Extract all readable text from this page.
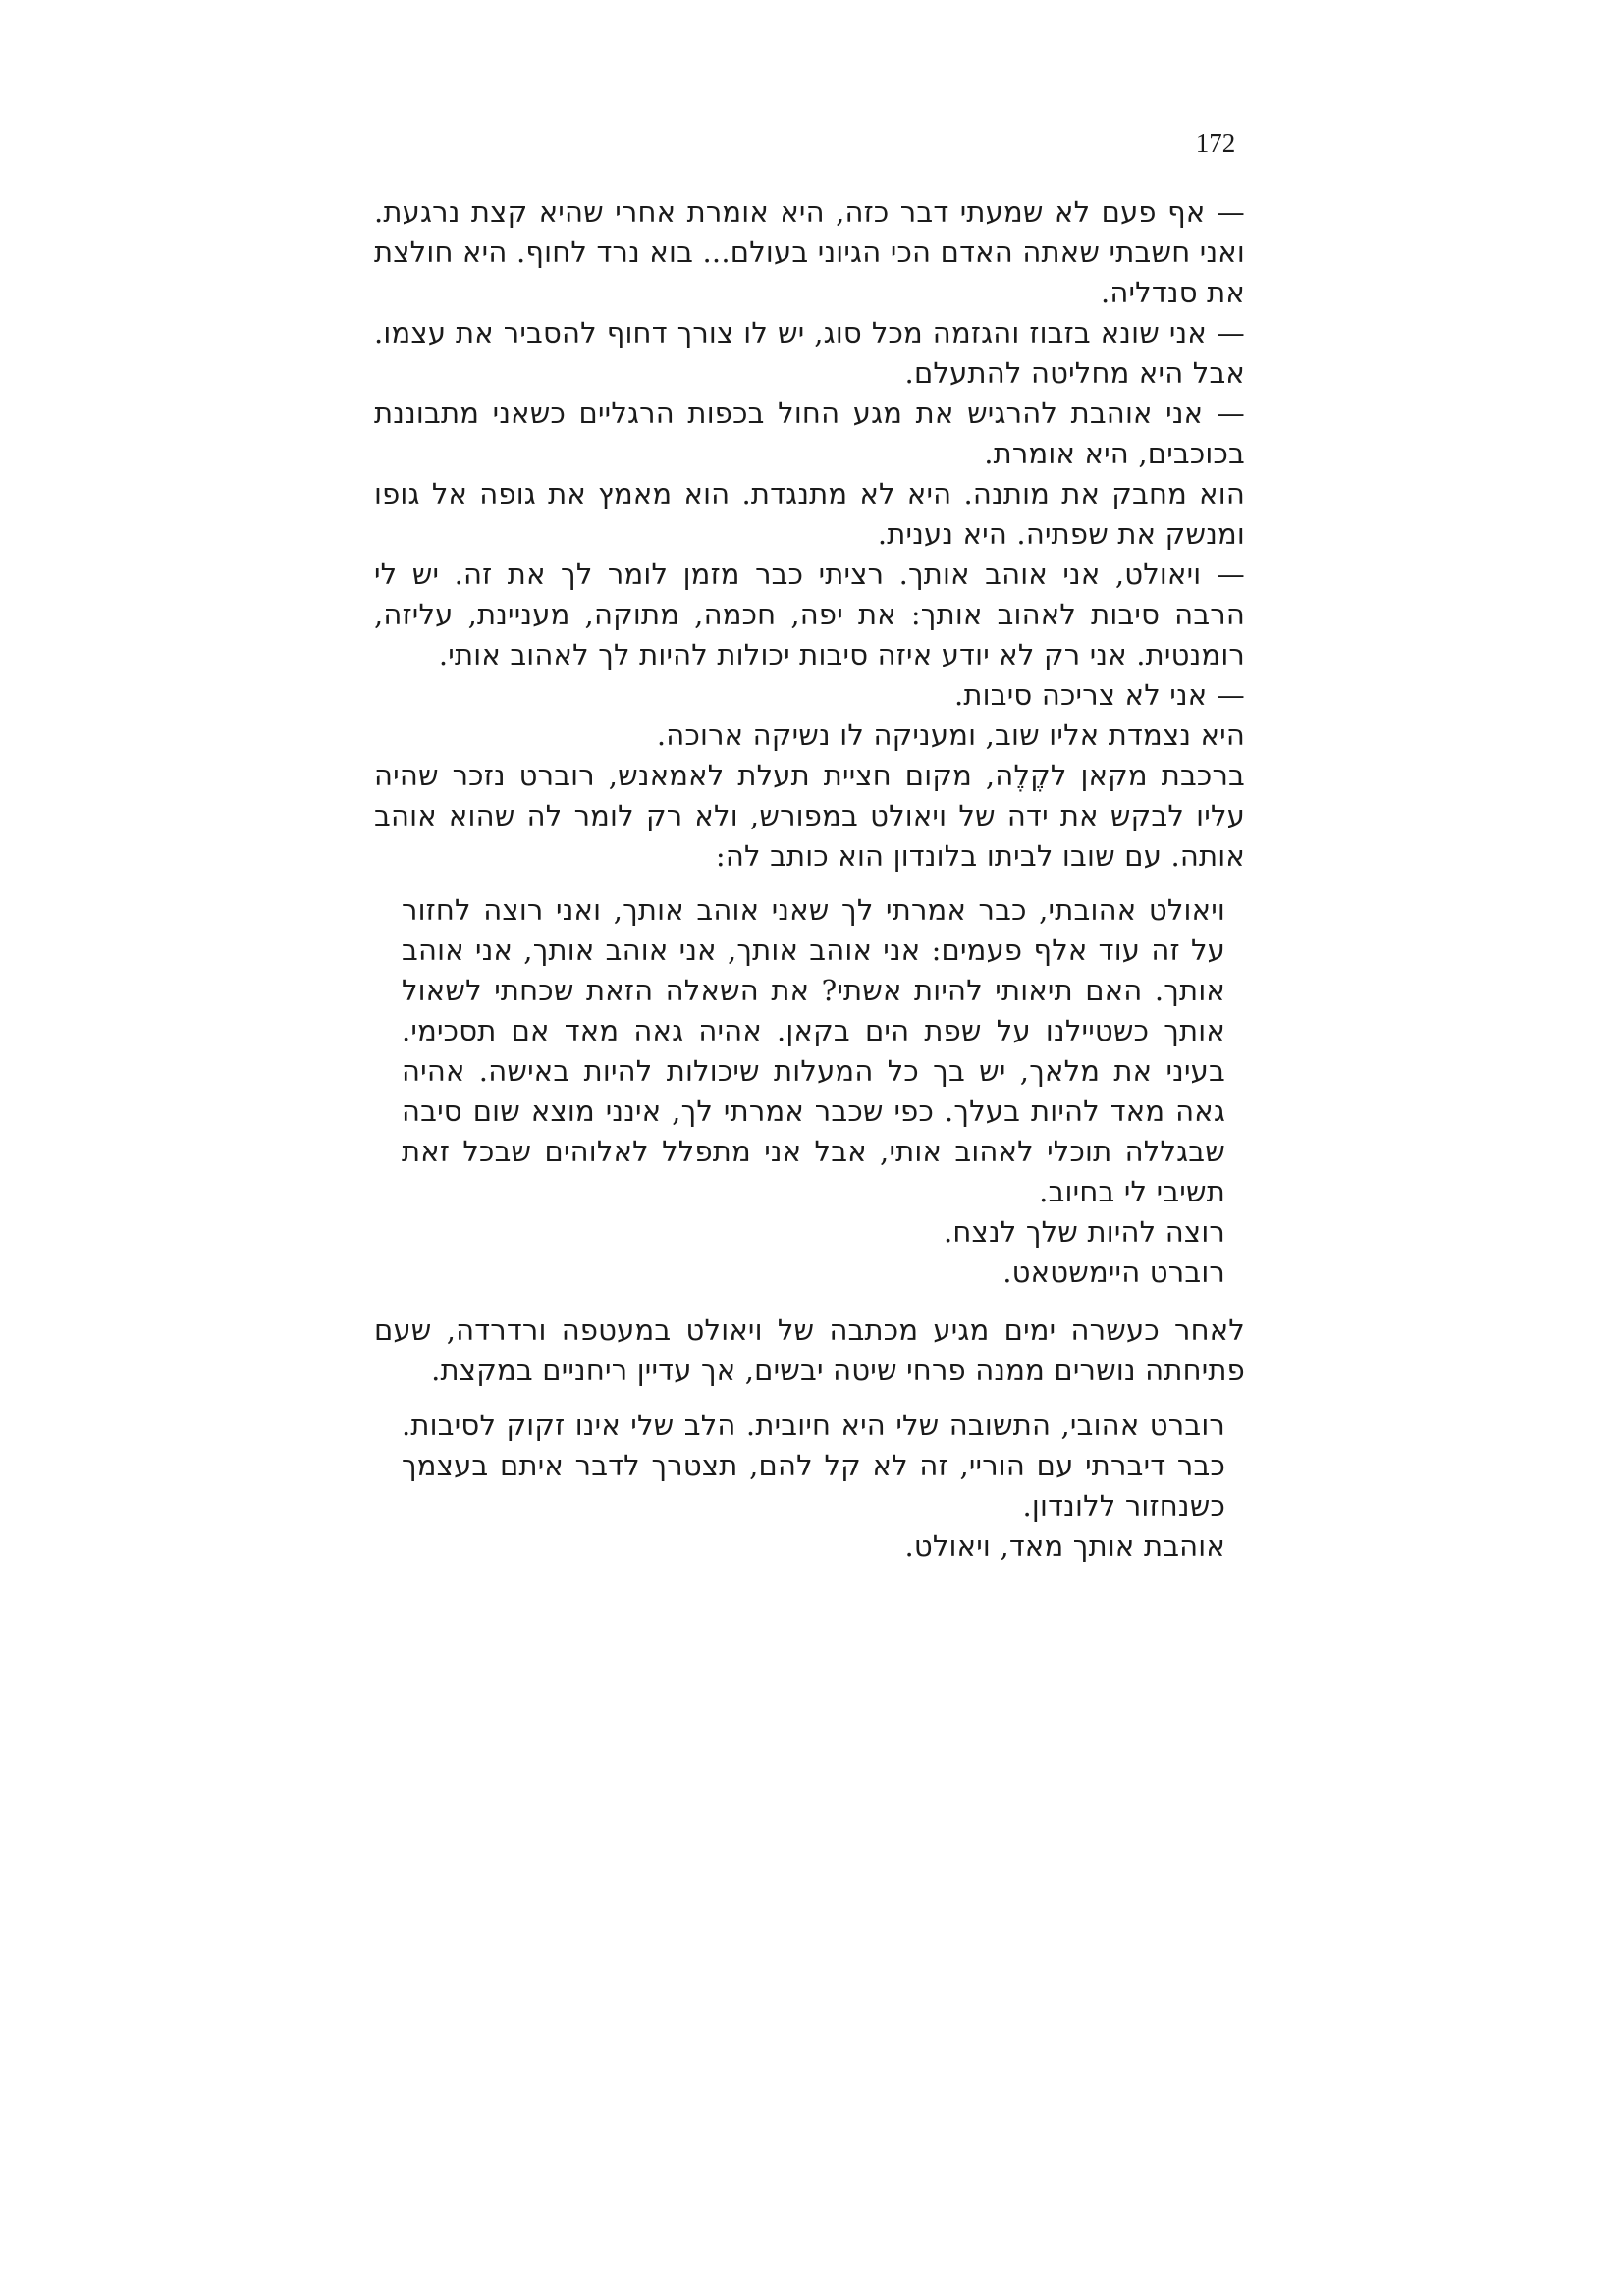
172

— אף פעם לא שמעתי דבר כזה, היא אומרת אחרי שהיא קצת נרגעת. ואני חשבתי שאתה האדם הכי הגיוני בעולם... בוא נרד לחוף. היא חולצת את סנדליה.

— אני שונא בזבוז והגזמה מכל סוג, יש לו צורך דחוף להסביר את עצמו. אבל היא מחליטה להתעלם.

— אני אוהבת להרגיש את מגע החול בכפות הרגליים כשאני מתבוננת בכוכבים, היא אומרת.

הוא מחבק את מותנה. היא לא מתנגדת. הוא מאמץ את גופה אל גופו ומנשק את שפתיה. היא נענית.

— ויאולט, אני אוהב אותך. רציתי כבר מזמן לומר לך את זה. יש לי הרבה סיבות לאהוב אותך: את יפה, חכמה, מתוקה, מעניינת, עליזה, רומנטית. אני רק לא יודע איזה סיבות יכולות להיות לך לאהוב אותי.

— אני לא צריכה סיבות.

היא נצמדת אליו שוב, ומעניקה לו נשיקה ארוכה.

ברכבת מקאן לקֶלֶה, מקום חציית תעלת לאמאנש, רוברט נזכר שהיה עליו לבקש את ידה של ויאולט במפורש, ולא רק לומר לה שהוא אוהב אותה. עם שובו לביתו בלונדון הוא כותב לה:

ויאולט אהובתי, כבר אמרתי לך שאני אוהב אותך, ואני רוצה לחזור על זה עוד אלף פעמים: אני אוהב אותך, אני אוהב אותך, אני אוהב אותך. האם תיאותי להיות אשתי? את השאלה הזאת שכחתי לשאול אותך כשטיילנו על שפת הים בקאן. אהיה גאה מאד אם תסכימי. בעיני את מלאך, יש בך כל המעלות שיכולות להיות באישה. אהיה גאה מאד להיות בעלך. כפי שכבר אמרתי לך, אינני מוצא שום סיבה שבגללה תוכלי לאהוב אותי, אבל אני מתפלל לאלוהים שבכל זאת תשיבי לי בחיוב.

רוצה להיות שלך לנצח.

רוברט היימשטאט.

לאחר כעשרה ימים מגיע מכתבה של ויאולט במעטפה ורדרדה, שעם פתיחתה נושרים ממנה פרחי שיטה יבשים, אך עדיין ריחניים במקצת.

רוברט אהובי, התשובה שלי היא חיובית. הלב שלי אינו זקוק לסיבות. כבר דיברתי עם הוריי, זה לא קל להם, תצטרך לדבר איתם בעצמך כשנחזור ללונדון.

אוהבת אותך מאד, ויאולט.
